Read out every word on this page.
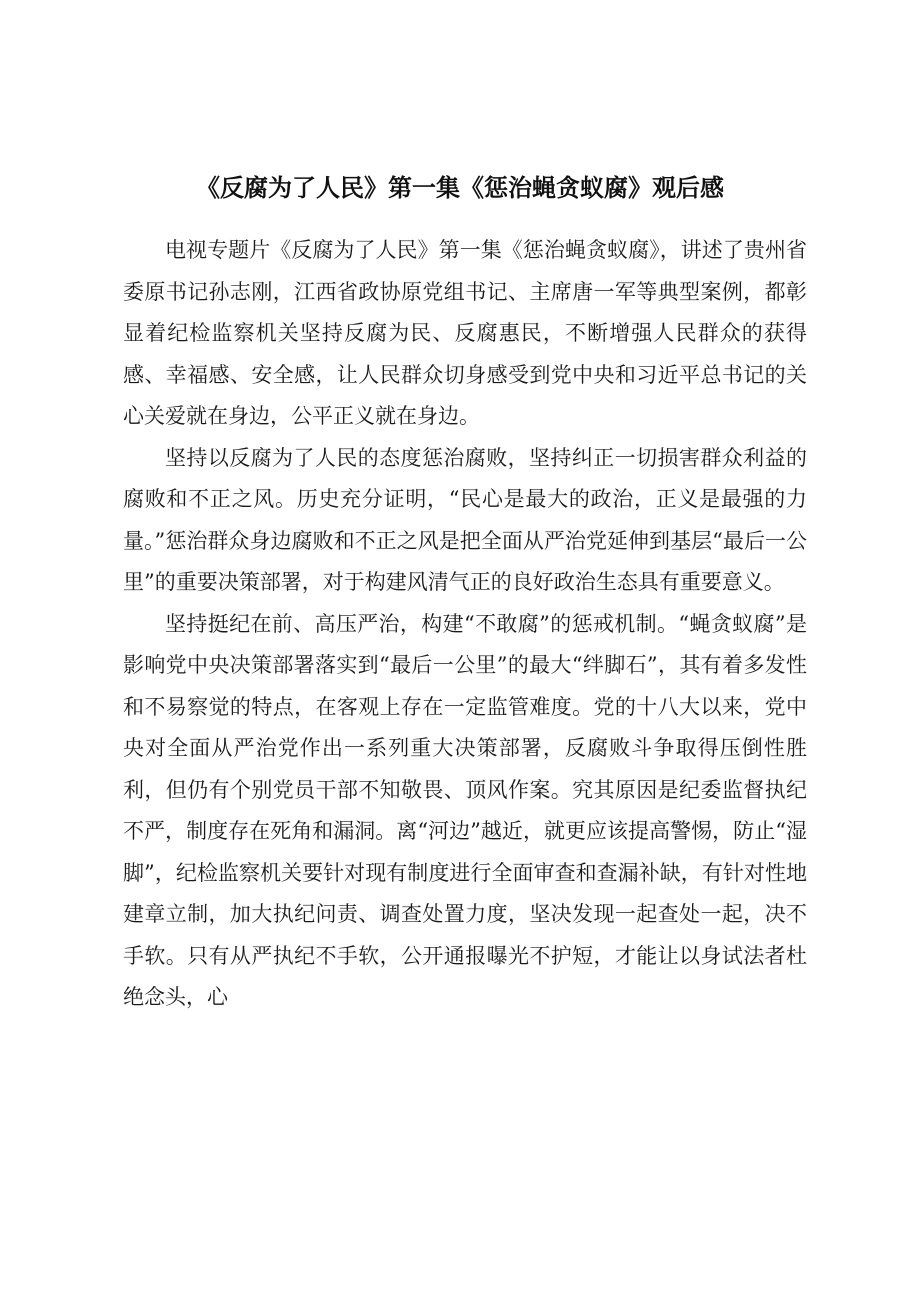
《反腐为了人民》第一集《惩治蝇贪蚁腐》观后感

电视专题片《反腐为了人民》第一集《惩治蝇贪蚁腐》，讲述了贵州省委原书记孙志刚，江西省政协原党组书记、主席唐一军等典型案例，都彰显着纪检监察机关坚持反腐为民、反腐惠民，不断增强人民群众的获得感、幸福感、安全感，让人民群众切身感受到党中央和习近平总书记的关心关爱就在身边，公平正义就在身边。

坚持以反腐为了人民的态度惩治腐败，坚持纠正一切损害群众利益的腐败和不正之风。历史充分证明，“民心是最大的政治，正义是最强的力量。”惩治群众身边腐败和不正之风是把全面从严治党延伸到基层“最后一公里”的重要决策部署，对于构建风清气正的良好政治生态具有重要意义。

坚持挺纪在前、高压严治，构建“不敢腐”的惩戒机制。“蝇贪蚁腐”是影响党中央决策部署落实到“最后一公里”的最大“绊脚石”，其有着多发性和不易察觉的特点，在客观上存在一定监管难度。党的十八大以来，党中央对全面从严治党作出一系列重大决策部署，反腐败斗争取得压倒性胜利，但仍有个别党员干部不知敬畏、顶风作案。究其原因是纪委监督执纪不严，制度存在死角和漏洞。离“河边”越近，就更应该提高警惕，防止“湿脚”，纪检监察机关要针对现有制度进行全面审查和查漏补缺，有针对性地建章立制，加大执纪问责、调查处置力度，坚决发现一起查处一起，决不手软。只有从严执纪不手软，公开通报曝光不护短，才能让以身试法者杜绝念头，心
